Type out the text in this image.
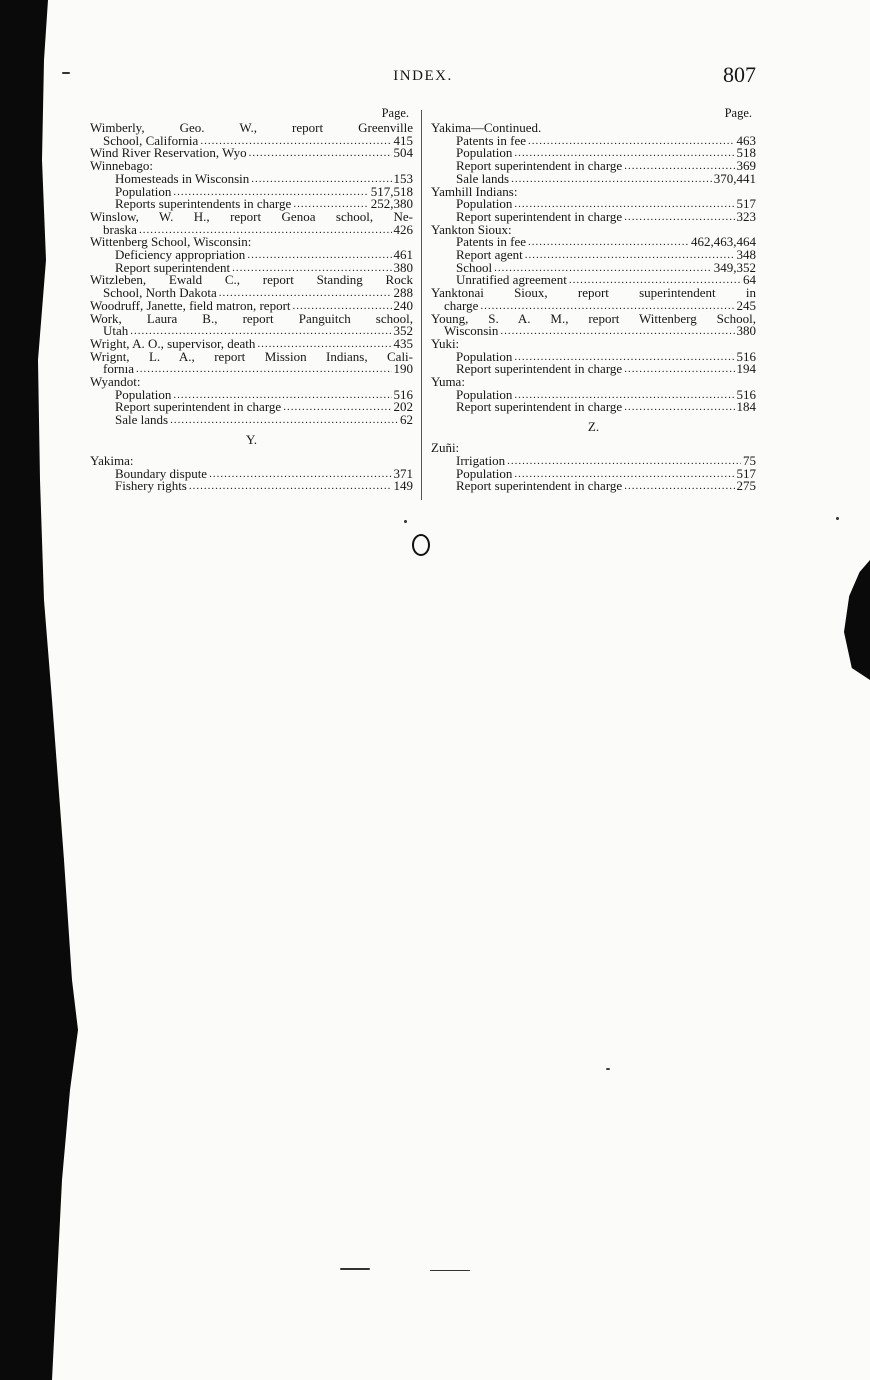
INDEX.	807
Page.
Wimberly, Geo. W., report Greenville
School, California .....	415
Wind River Reservation, Wyo .....	504
Winnebago:
Homesteads in Wisconsin .....	153
Population .....	517,518
Reports superintendents in charge .....	252,380
Winslow, W. H., report Genoa school, Ne-
braska .....	426
Wittenberg School, Wisconsin:
Deficiency appropriation .....	461
Report superintendent .....	380
Witzleben, Ewald C., report Standing Rock
School, North Dakota .....	288
Woodruff, Janette, field matron, report .....	240
Work, Laura B., report Panguitch school,
Utah .....	352
Wright, A. O., supervisor, death .....	435
Wrignt, L. A., report Mission Indians, Cali-
fornıa .....	190
Wyandot:
Population .....	516
Report superintendent in charge .....	202
Sale lands .....	62
Y.
Yakima:
Boundary dispute .....	371
Fishery rights .....	149
Page.
Yakima—Continued.
Patents in fee .....	463
Population .....	518
Report superintendent in charge .....	369
Sale lands .....	370,441
Yamhill Indians:
Population .....	517
Report superintendent in charge .....	323
Yankton Sioux:
Patents in fee .....	462,463,464
Report agent .....	348
School .....	349,352
Unratified agreement .....	64
Yanktonai Sioux, report superintendent in
charge .....	245
Young, S. A. M., report Wittenberg School,
Wisconsin .....	380
Yuki:
Population .....	516
Report superintendent in charge .....	194
Yuma:
Population .....	516
Report superintendent in charge .....	184
Z.
Zuñi:
Irrigation .....	75
Population .....	517
Report superintendent in charge .....	275
